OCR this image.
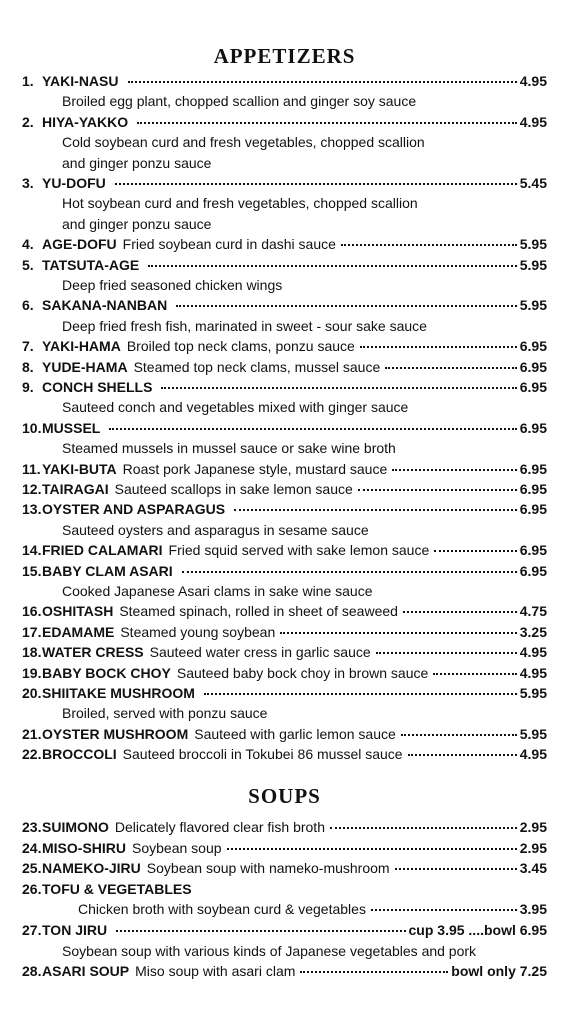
APPETIZERS
1. YAKI-NASU	4.95
Broiled egg plant, chopped scallion and ginger soy sauce
2. HIYA-YAKKO	4.95
Cold soybean curd and fresh vegetables, chopped scallion
and ginger ponzu sauce
3. YU-DOFU	5.45
Hot soybean curd and fresh vegetables, chopped scallion
and ginger ponzu sauce
4. AGE-DOFU Fried soybean curd in dashi sauce	5.95
5. TATSUTA-AGE	5.95
Deep fried seasoned chicken wings
6. SAKANA-NANBAN	5.95
Deep fried fresh fish, marinated in sweet - sour sake sauce
7. YAKI-HAMA Broiled top neck clams, ponzu sauce	6.95
8. YUDE-HAMA Steamed top neck clams, mussel sauce	6.95
9. CONCH SHELLS	6.95
Sauteed conch and vegetables mixed with ginger sauce
10. MUSSEL	6.95
Steamed mussels in mussel sauce or sake wine broth
11. YAKI-BUTA Roast pork Japanese style, mustard sauce	6.95
12. TAIRAGAI Sauteed scallops in sake lemon sauce	6.95
13. OYSTER AND ASPARAGUS	6.95
Sauteed oysters and asparagus in sesame sauce
14. FRIED CALAMARI Fried squid served with sake lemon sauce	6.95
15. BABY CLAM ASARI	6.95
Cooked Japanese Asari clams in sake wine sauce
16. OSHITASH Steamed spinach, rolled in sheet of seaweed	4.75
17. EDAMAME Steamed young soybean	3.25
18. WATER CRESS Sauteed water cress in garlic sauce	4.95
19. BABY BOCK CHOY Sauteed baby bock choy in brown sauce	4.95
20. SHIITAKE MUSHROOM	5.95
Broiled, served with ponzu sauce
21. OYSTER MUSHROOM Sauteed with garlic lemon sauce	5.95
22. BROCCOLI Sauteed broccoli in Tokubei 86 mussel sauce	4.95
SOUPS
23. SUIMONO Delicately flavored clear fish broth	2.95
24. MISO-SHIRU Soybean soup	2.95
25. NAMEKO-JIRU Soybean soup with nameko-mushroom	3.45
26. TOFU & VEGETABLES
Chicken broth with soybean curd & vegetables	3.95
27. TON JIRU	cup 3.95 ....bowl 6.95
Soybean soup with various kinds of Japanese vegetables and pork
28. ASARI SOUP Miso soup with asari clam	bowl only 7.25
